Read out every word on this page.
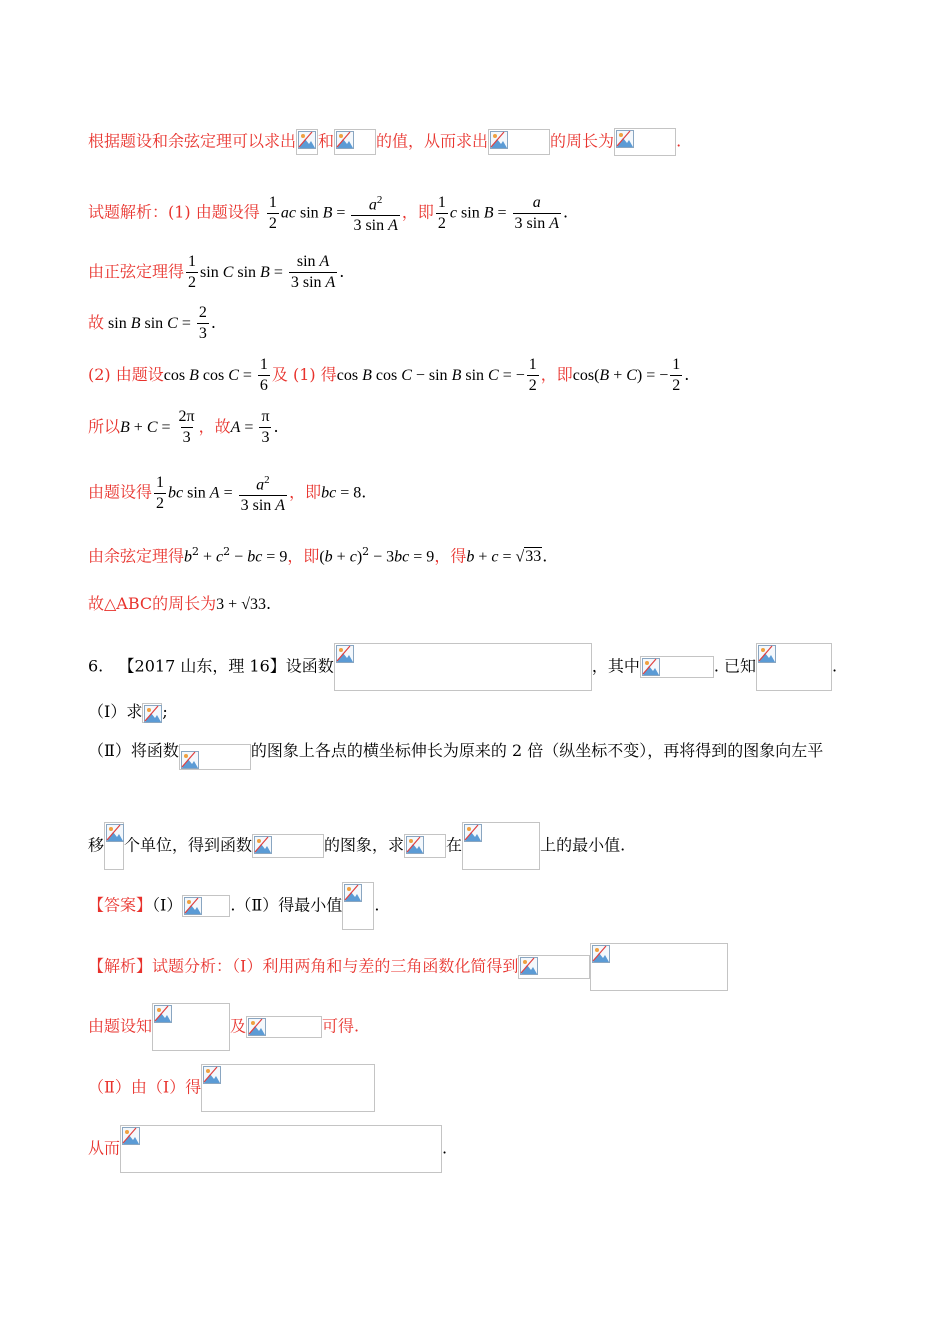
根据题设和余弦定理可以求出 和	的值，从而求出	的周长为	.
试题解析：(1) 由题设得 $\frac{1}{2}$ ac $\sin B = \frac{a^2}{\text{3 sin A}}$ ，即 $\frac{1}{2}$ c $\sin B = \frac{a}{\text{3 sin A}}$ .
由正弦定理得 $\frac{1}{2}$ sin C $\sin B = \frac{\text{sin A}}{\text{3 sin A}}$ .
故 sin B $\sin C = \frac{2}{3}$ .
(2) 由题设cos B $\cos C = \frac{1}{6}$ 及 (1) 得cos B cos C − sin B sin C = − $\frac{1}{2}$ ，即cos(B + C) = − $\frac{1}{2}$ .
所以$B + C = \frac{2\pi}{3}$ ，故$A = \frac{\pi}{3}$ .
由题设得 $\frac{1}{2}$ bc $\sin A = \frac{a^2}{\text{3 sin A}}$ ，即bc = 8.
由余弦定理得$b^2 + c^2$ − bc = 9，即$(b + c)^2 - 3bc = 9$，得b + c = √33.
故△ABC的周长为3 + √33.
6. 【2017 山东，理 16】设函数	，其中	. 已知	.
（Ⅰ）求 ;
（Ⅱ）将函数	的图象上各点的横坐标伸长为原来的 2 倍（纵坐标不变），再将得到的图象向左平
移 个单位，得到函数	的图象，求	在	上的最小值.
【答案】（Ⅰ）	.（Ⅱ）得最小值 .
【解析】试题分析：（Ⅰ）利用两角和与差的三角函数化简得到
由题设知	及	可得.
（Ⅱ）由（Ⅰ）得
从而	.
